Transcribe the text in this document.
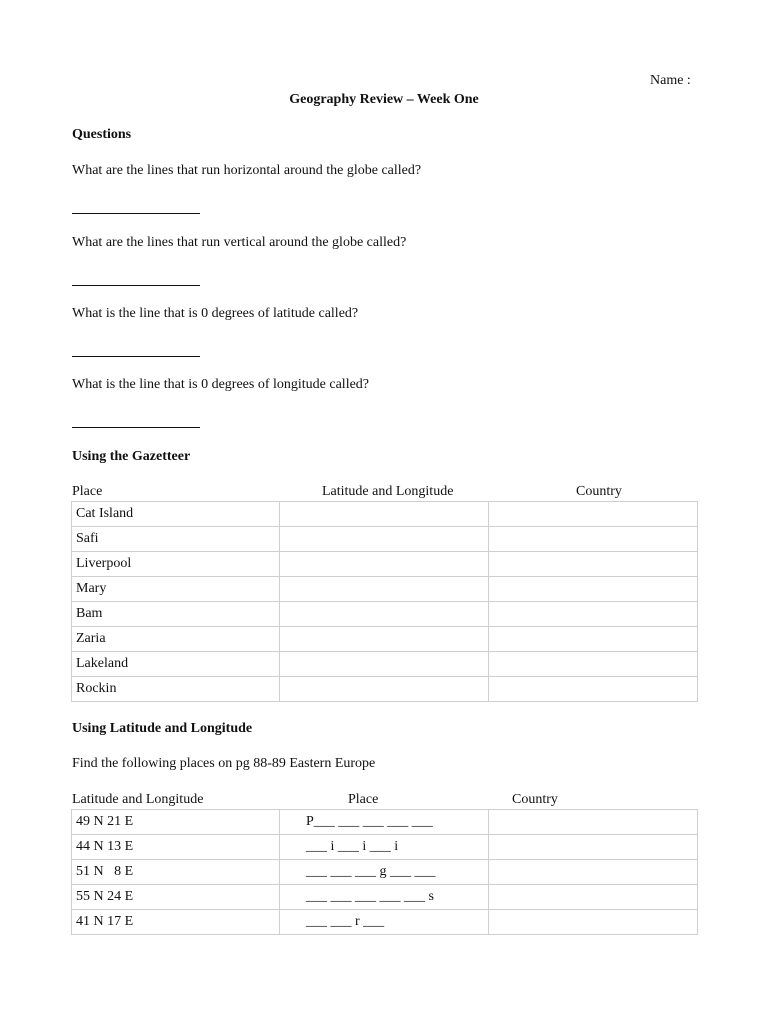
Name :
Geography Review – Week One
Questions
What are the lines that run horizontal around the globe called?
What are the lines that run vertical around the globe called?
What is the line that is 0 degrees of latitude called?
What is the line that is 0 degrees of longitude called?
Using the Gazetteer
Place	Latitude and Longitude	Country
Cat Island		
Safi		
Liverpool		
Mary		
Bam		
Zaria		
Lakeland		
Rockin		
Using Latitude and Longitude
Find the following places on pg 88-89 Eastern Europe
Latitude and Longitude	Place	Country
49 N 21 E	P___ ___ ___ ___ ___	
44 N 13 E	___ i ___ i ___ i	
51 N   8 E	___ ___ ___ g ___ ___	
55 N 24 E	___ ___ ___ ___ ___ s	
41 N 17 E	___ ___ r ___	
